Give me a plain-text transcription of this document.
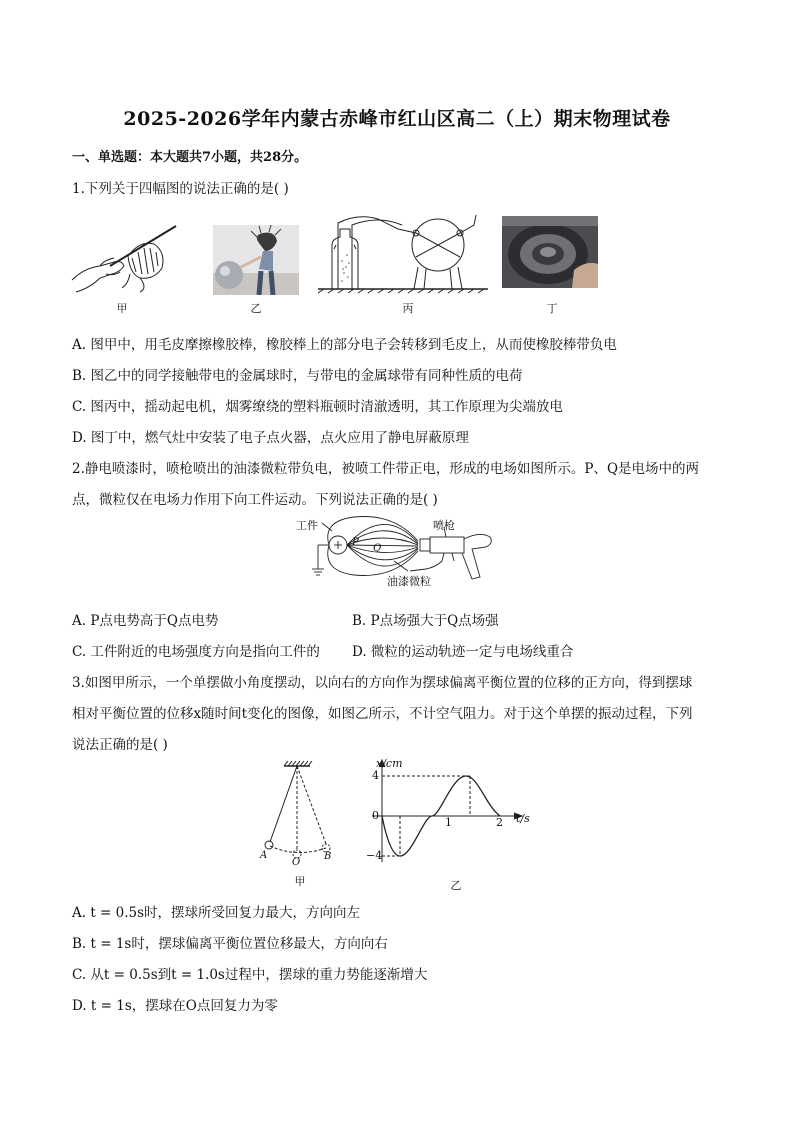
2025-2026学年内蒙古赤峰市红山区高二（上）期末物理试卷
一、单选题：本大题共7小题，共28分。
1.下列关于四幅图的说法正确的是( )
甲	乙	丙	丁
A. 图甲中，用毛皮摩擦橡胶棒，橡胶棒上的部分电子会转移到毛皮上，从而使橡胶棒带负电
B. 图乙中的同学接触带电的金属球时，与带电的金属球带有同种性质的电荷
C. 图丙中，摇动起电机，烟雾缭绕的塑料瓶顿时清澈透明，其工作原理为尖端放电
D. 图丁中，燃气灶中安装了电子点火器，点火应用了静电屏蔽原理
2.静电喷漆时，喷枪喷出的油漆微粒带负电，被喷工件带正电，形成的电场如图所示。P、Q是电场中的两
点，微粒仅在电场力作用下向工件运动。下列说法正确的是( )
工件	喷枪
油漆微粒
P
Q
A. P点电势高于Q点电势	B. P点场强大于Q点场强
C. 工件附近的电场强度方向是指向工件的 D. 微粒的运动轨迹一定与电场线重合
3.如图甲所示，一个单摆做小角度摆动，以向右的方向作为摆球偏离平衡位置的位移的正方向，得到摆球
相对平衡位置的位移x随时间t变化的图像，如图乙所示，不计空气阻力。对于这个单摆的振动过程，下列
说法正确的是( )
A
O
B
甲
x/cm
t/s
4
−4
0
1	2
乙
A. t = 0.5s时，摆球所受回复力最大，方向向左
B. t = 1s时，摆球偏离平衡位置位移最大，方向向右
C. 从t = 0.5s到t = 1.0s过程中，摆球的重力势能逐渐增大
D. t = 1s，摆球在O点回复力为零
